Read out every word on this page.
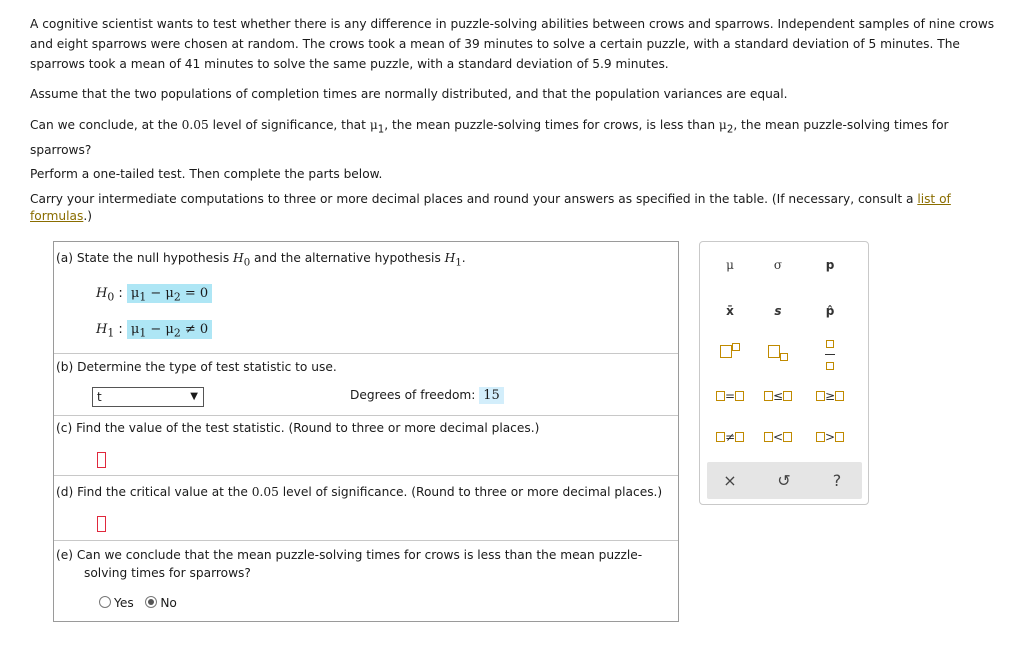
A cognitive scientist wants to test whether there is any difference in puzzle-solving abilities between crows and sparrows. Independent samples of nine crows and eight sparrows were chosen at random. The crows took a mean of 39 minutes to solve a certain puzzle, with a standard deviation of 5 minutes. The sparrows took a mean of 41 minutes to solve the same puzzle, with a standard deviation of 5.9 minutes.

Assume that the two populations of completion times are normally distributed, and that the population variances are equal.

Can we conclude, at the 0.05 level of significance, that $\mu_1$, the mean puzzle-solving times for crows, is less than $\mu_2$, the mean puzzle-solving times for
sparrows?

Perform a one-tailed test. Then complete the parts below.

Carry your intermediate computations to three or more decimal places and round your answers as specified in the table. (If necessary, consult a list of
formulas.)

(a) State the null hypothesis $H_0$ and the alternative hypothesis $H_1$.
$H_0$ : $\mu_1 - \mu_2 = 0$
$H_1$ : $\mu_1 - \mu_2 \ne 0$
(b) Determine the type of test statistic to use.
t	▼	Degrees of freedom: 15
(c) Find the value of the test statistic. (Round to three or more decimal places.)
(d) Find the critical value at the 0.05 level of significance. (Round to three or more decimal places.)
(e) Can we conclude that the mean puzzle-solving times for crows is less than the mean puzzle-
solving times for sparrows?
Yes No
μ	σ	p
x̄	s	p̂

=	≤	≥
≠	<	>
×	↺	?
